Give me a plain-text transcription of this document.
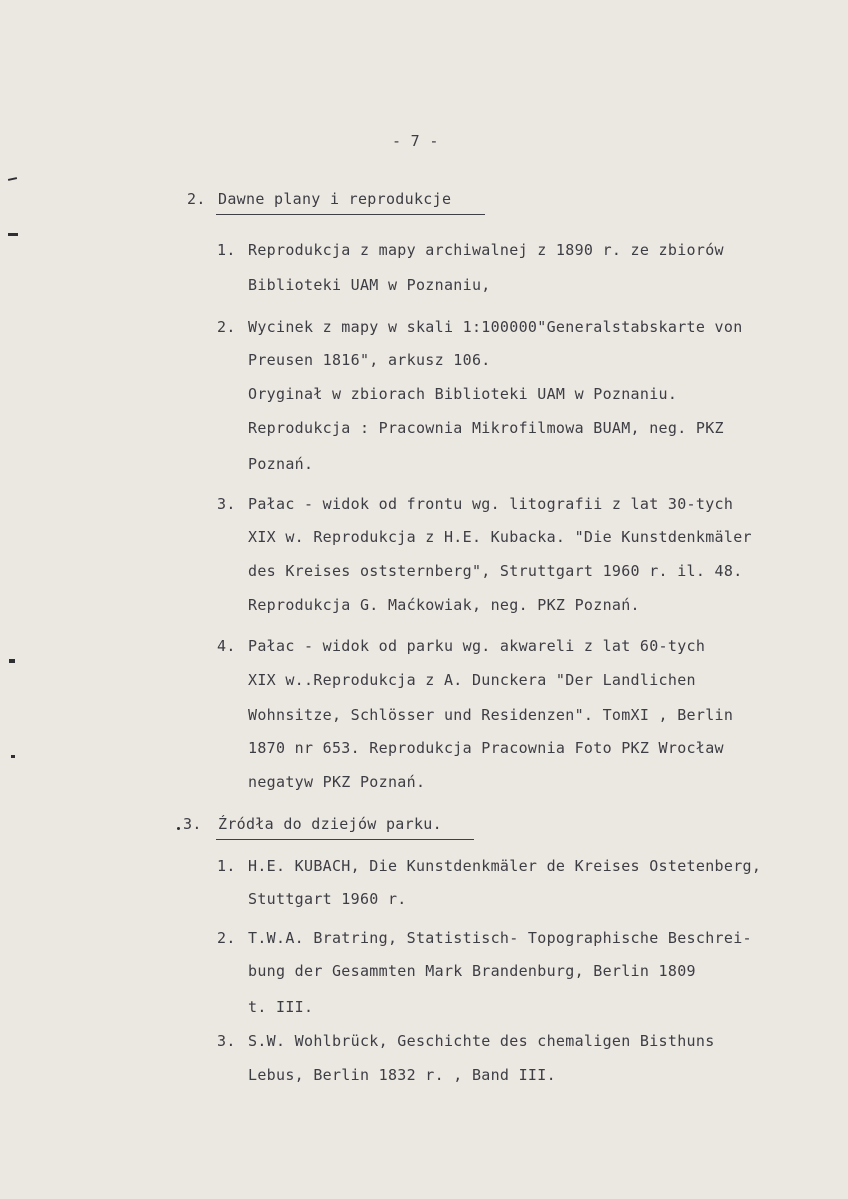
- 7 -
2. Dawne plany i reprodukcje
1. Reprodukcja z mapy archiwalnej z 1890 r. ze zbiorów
Biblioteki UAM w Poznaniu,
2. Wycinek z mapy w skali 1:100000"Generalstabskarte von
Preusen 1816", arkusz 106.
Oryginał w zbiorach Biblioteki UAM w Poznaniu.
Reprodukcja : Pracownia Mikrofilmowa BUAM, neg. PKZ
Poznań.
3. Pałac - widok od frontu wg. litografii z lat 30-tych
XIX w. Reprodukcja z H.E. Kubacka. "Die Kunstdenkmäler
des Kreises oststernberg", Struttgart 1960 r. il. 48.
Reprodukcja G. Maćkowiak, neg. PKZ Poznań.
4. Pałac - widok od parku wg. akwareli z lat 60-tych
XIX w..Reprodukcja z A. Dunckera "Der Landlichen
Wohnsitze, Schlösser und Residenzen". TomXI , Berlin
1870 nr 653. Reprodukcja Pracownia Foto PKZ Wrocław
negatyw PKZ Poznań.
3. Źródła do dziejów parku.
1. H.E. KUBACH, Die Kunstdenkmäler de Kreises Ostetenberg,
Stuttgart 1960 r.
2. T.W.A. Bratring, Statistisch- Topographische Beschrei-
bung der Gesammten Mark Brandenburg, Berlin 1809
t. III.
3. S.W. Wohlbrück, Geschichte des chemaligen Bisthuns
Lebus, Berlin 1832 r. , Band III.
